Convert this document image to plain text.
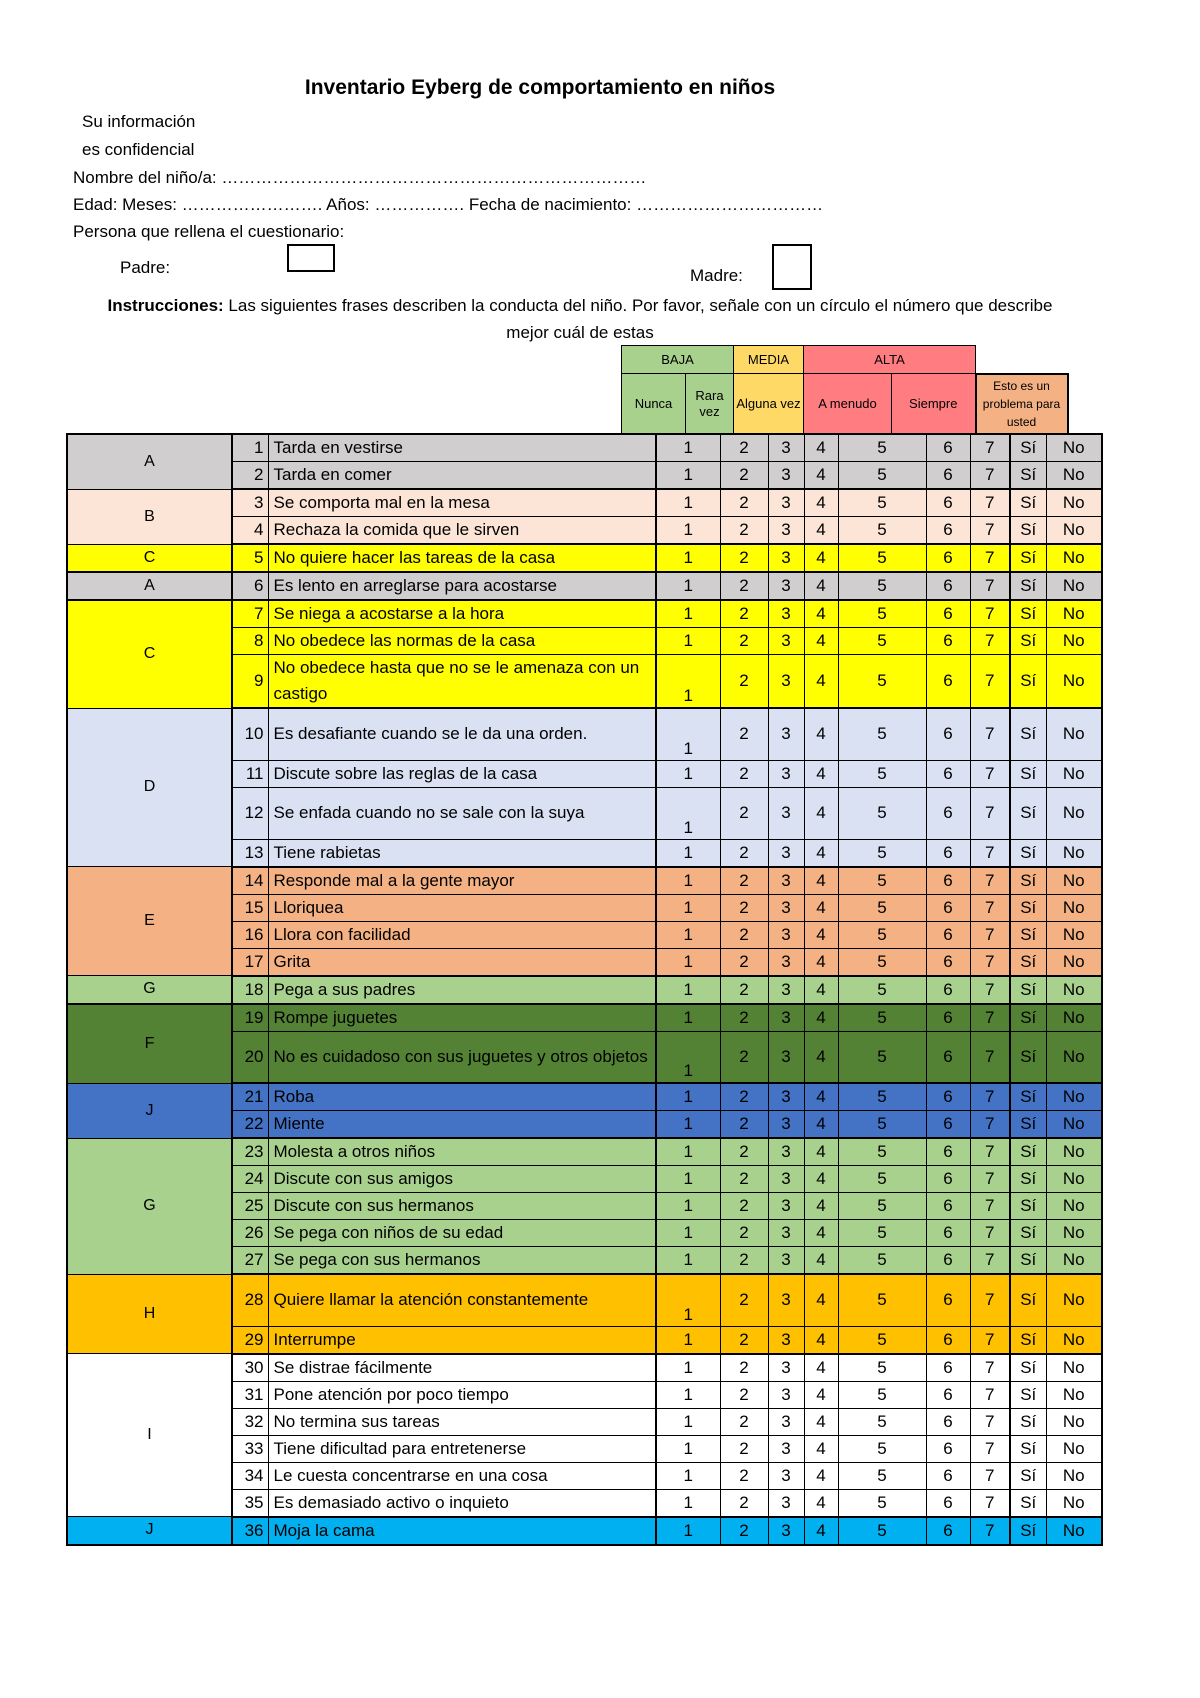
Inventario Eyberg de comportamiento en niños
Su información
es confidencial
Nombre del niño/a: …………………………………………………………………
Edad: Meses: ……………………. Años: ……………. Fecha de nacimiento: ……………………………
Persona que rellena el cuestionario:
Padre:	Madre:
Instrucciones: Las siguientes frases describen la conducta del niño. Por favor, señale con un círculo el número que describe mejor cuál de estas
BAJA		MEDIA	ALTA		
Nunca	Rara vez	Alguna vez	A menudo	Siempre	Esto es un problema para usted
A	1	Tarda en vestirse	1	2	3	4	5	6	7	Sí	No
	2	Tarda en comer	1	2	3	4	5	6	7	Sí	No
B	3	Se comporta mal en la mesa	1	2	3	4	5	6	7	Sí	No
	4	Rechaza la comida que le sirven	1	2	3	4	5	6	7	Sí	No
C	5	No quiere hacer las tareas de la casa	1	2	3	4	5	6	7	Sí	No
A	6	Es lento en arreglarse para acostarse	1	2	3	4	5	6	7	Sí	No
C	7	Se niega a acostarse a la hora	1	2	3	4	5	6	7	Sí	No
	8	No obedece las normas de la casa	1	2	3	4	5	6	7	Sí	No
	9	No obedece hasta que no se le amenaza con un castigo	1	2	3	4	5	6	7	Sí	No
D	10	Es desafiante cuando se le da una orden.	1	2	3	4	5	6	7	Sí	No
	11	Discute sobre las reglas de la casa	1	2	3	4	5	6	7	Sí	No
	12	Se enfada cuando no se sale con la suya	1	2	3	4	5	6	7	Sí	No
	13	Tiene rabietas	1	2	3	4	5	6	7	Sí	No
E	14	Responde mal a la gente mayor	1	2	3	4	5	6	7	Sí	No
	15	Lloriquea	1	2	3	4	5	6	7	Sí	No
	16	Llora con facilidad	1	2	3	4	5	6	7	Sí	No
	17	Grita	1	2	3	4	5	6	7	Sí	No
G	18	Pega a sus padres	1	2	3	4	5	6	7	Sí	No
F	19	Rompe juguetes	1	2	3	4	5	6	7	Sí	No
	20	No es cuidadoso con sus juguetes y otros objetos	1	2	3	4	5	6	7	Sí	No
J	21	Roba	1	2	3	4	5	6	7	Sí	No
	22	Miente	1	2	3	4	5	6	7	Sí	No
G	23	Molesta a otros niños	1	2	3	4	5	6	7	Sí	No
	24	Discute con sus amigos	1	2	3	4	5	6	7	Sí	No
	25	Discute con sus hermanos	1	2	3	4	5	6	7	Sí	No
	26	Se pega con niños de su edad	1	2	3	4	5	6	7	Sí	No
	27	Se pega con sus hermanos	1	2	3	4	5	6	7	Sí	No
H	28	Quiere llamar la atención constantemente	1	2	3	4	5	6	7	Sí	No
	29	Interrumpe	1	2	3	4	5	6	7	Sí	No
I	30	Se distrae fácilmente	1	2	3	4	5	6	7	Sí	No
	31	Pone atención por poco tiempo	1	2	3	4	5	6	7	Sí	No
	32	No termina sus tareas	1	2	3	4	5	6	7	Sí	No
	33	Tiene dificultad para entretenerse	1	2	3	4	5	6	7	Sí	No
	34	Le cuesta concentrarse en una cosa	1	2	3	4	5	6	7	Sí	No
	35	Es demasiado activo o inquieto	1	2	3	4	5	6	7	Sí	No
J	36	Moja la cama	1	2	3	4	5	6	7	Sí	No
